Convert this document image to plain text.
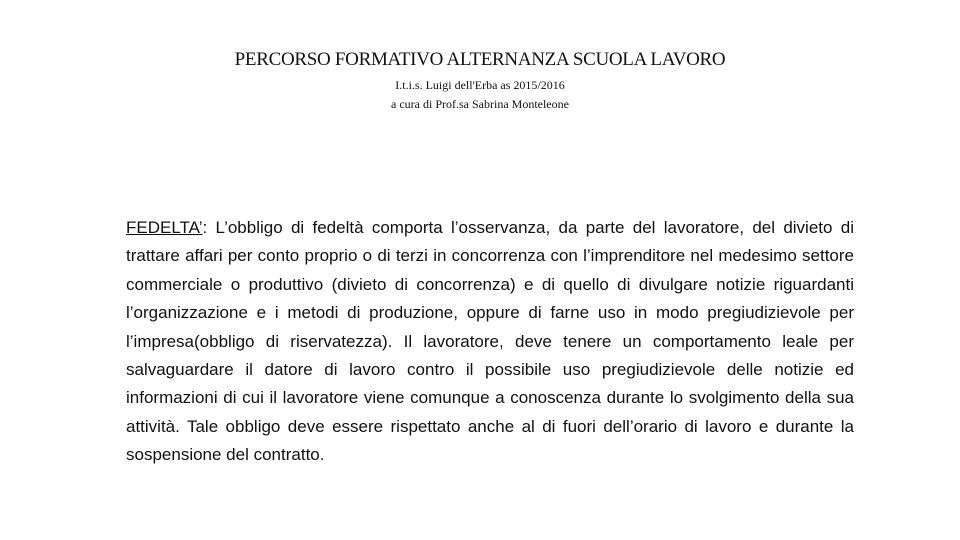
PERCORSO FORMATIVO ALTERNANZA SCUOLA LAVORO

I.t.i.s. Luigi dell'Erba as 2015/2016

a cura di Prof.sa Sabrina Monteleone

FEDELTA’: L’obbligo di fedeltà comporta l’osservanza, da parte del lavoratore, del divieto di trattare affari per conto proprio o di terzi in concorrenza con l’imprenditore nel medesimo settore commerciale o produttivo (divieto di concorrenza) e di quello di divulgare notizie riguardanti l’organizzazione e i metodi di produzione, oppure di farne uso in modo pregiudizievole per l’impresa(obbligo di riservatezza). Il lavoratore, deve tenere un comportamento leale per salvaguardare il datore di lavoro contro il possibile uso pregiudizievole delle notizie ed informazioni di cui il lavoratore viene comunque a conoscenza durante lo svolgimento della sua attività. Tale obbligo deve essere rispettato anche al di fuori dell’orario di lavoro e durante la sospensione del contratto.
